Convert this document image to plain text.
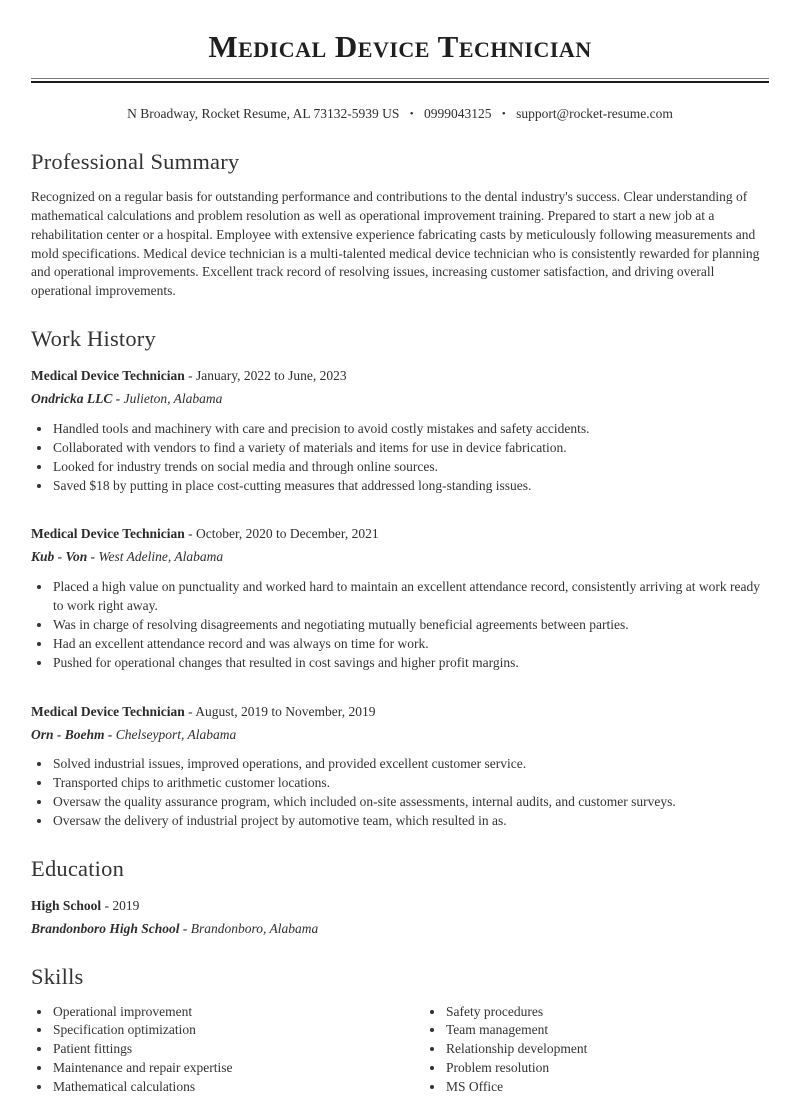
Medical Device Technician
N Broadway, Rocket Resume, AL 73132-5939 US • 0999043125 • support@rocket-resume.com
Professional Summary

Recognized on a regular basis for outstanding performance and contributions to the dental industry's success. Clear understanding of mathematical calculations and problem resolution as well as operational improvement training. Prepared to start a new job at a rehabilitation center or a hospital. Employee with extensive experience fabricating casts by meticulously following measurements and mold specifications. Medical device technician is a multi-talented medical device technician who is consistently rewarded for planning and operational improvements. Excellent track record of resolving issues, increasing customer satisfaction, and driving overall operational improvements.

Work History
Medical Device Technician - January, 2022 to June, 2023
Ondricka LLC - Julieton, Alabama
• Handled tools and machinery with care and precision to avoid costly mistakes and safety accidents.
• Collaborated with vendors to find a variety of materials and items for use in device fabrication.
• Looked for industry trends on social media and through online sources.
• Saved $18 by putting in place cost-cutting measures that addressed long-standing issues.
Medical Device Technician - October, 2020 to December, 2021
Kub - Von - West Adeline, Alabama
• Placed a high value on punctuality and worked hard to maintain an excellent attendance record, consistently arriving at work ready to work right away.
• Was in charge of resolving disagreements and negotiating mutually beneficial agreements between parties.
• Had an excellent attendance record and was always on time for work.
• Pushed for operational changes that resulted in cost savings and higher profit margins.
Medical Device Technician - August, 2019 to November, 2019
Orn - Boehm - Chelseyport, Alabama
• Solved industrial issues, improved operations, and provided excellent customer service.
• Transported chips to arithmetic customer locations.
• Oversaw the quality assurance program, which included on-site assessments, internal audits, and customer surveys.
• Oversaw the delivery of industrial project by automotive team, which resulted in as.
Education
High School - 2019
Brandonboro High School - Brandonboro, Alabama
Skills
• Operational improvement
• Specification optimization
• Patient fittings
• Maintenance and repair expertise
• Mathematical calculations
• Safety procedures
• Team management
• Relationship development
• Problem resolution
• MS Office
